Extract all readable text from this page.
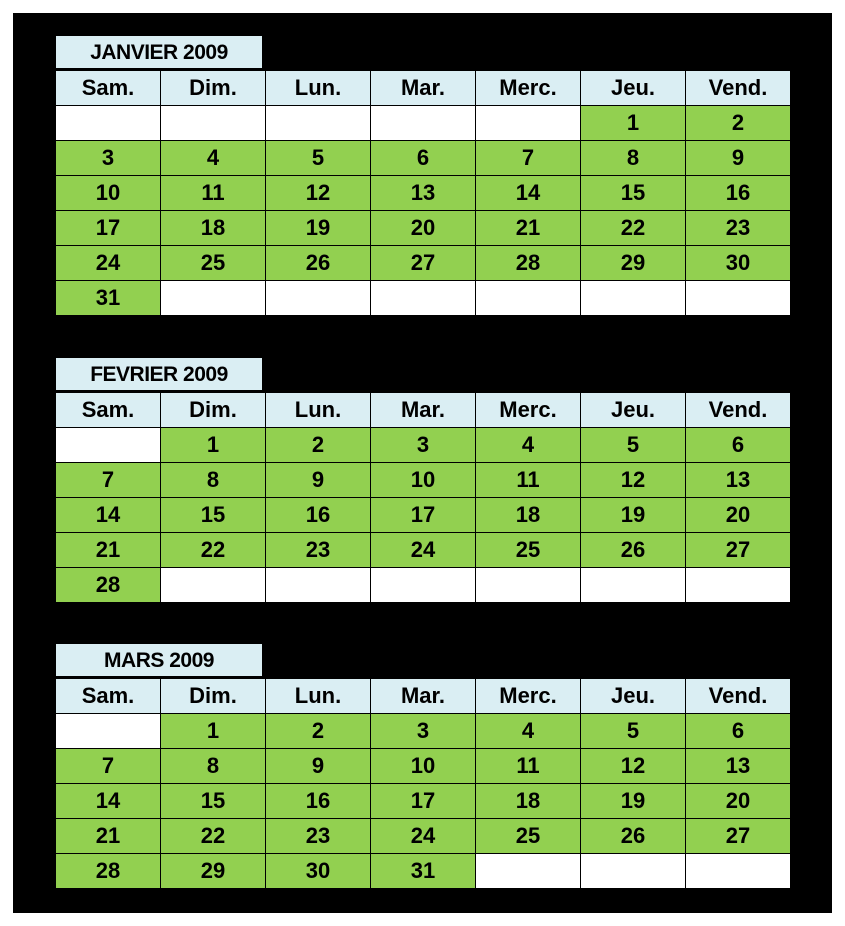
JANVIER 2009
Sam.	Dim.	Lun.	Mar.	Merc.	Jeu.	Vend.
					1	2
3	4	5	6	7	8	9
10	11	12	13	14	15	16
17	18	19	20	21	22	23
24	25	26	27	28	29	30
31						
FEVRIER 2009
Sam.	Dim.	Lun.	Mar.	Merc.	Jeu.	Vend.
	1	2	3	4	5	6
7	8	9	10	11	12	13
14	15	16	17	18	19	20
21	22	23	24	25	26	27
28						
MARS 2009
Sam.	Dim.	Lun.	Mar.	Merc.	Jeu.	Vend.
	1	2	3	4	5	6
7	8	9	10	11	12	13
14	15	16	17	18	19	20
21	22	23	24	25	26	27
28	29	30	31			
